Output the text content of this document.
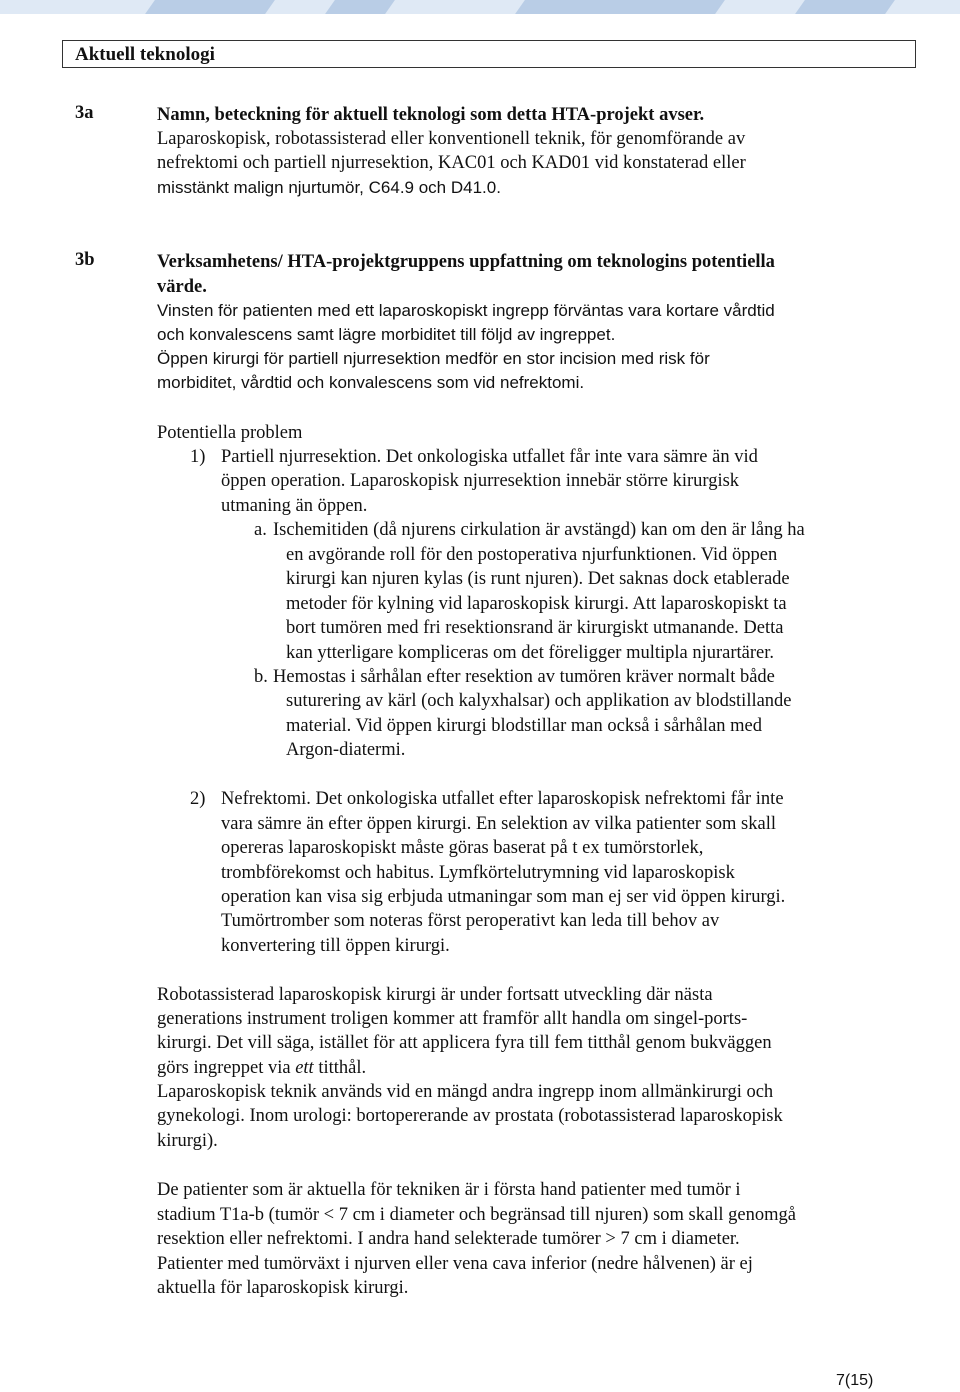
Aktuell teknologi
3a	Namn, beteckning för aktuell teknologi som detta HTA-projekt avser.
Laparoskopisk, robotassisterad eller konventionell teknik, för genomförande av
nefrektomi och partiell njurresektion, KAC01 och KAD01 vid konstaterad eller
misstänkt malign njurtumör, C64.9 och D41.0.
3b	Verksamhetens/ HTA-projektgruppens uppfattning om teknologins potentiella
värde.
Vinsten för patienten med ett laparoskopiskt ingrepp förväntas vara kortare vårdtid
och konvalescens samt lägre morbiditet till följd av ingreppet.
Öppen kirurgi för partiell njurresektion medför en stor incision med risk för
morbiditet, vårdtid och konvalescens som vid nefrektomi.
Potentiella problem
1) Partiell njurresektion. Det onkologiska utfallet får inte vara sämre än vid
öppen operation. Laparoskopisk njurresektion innebär större kirurgisk
utmaning än öppen.
a. Ischemitiden (då njurens cirkulation är avstängd) kan om den är lång ha
en avgörande roll för den postoperativa njurfunktionen. Vid öppen
kirurgi kan njuren kylas (is runt njuren). Det saknas dock etablerade
metoder för kylning vid laparoskopisk kirurgi. Att laparoskopiskt ta
bort tumören med fri resektionsrand är kirurgiskt utmanande. Detta
kan ytterligare kompliceras om det föreligger multipla njurartärer.
b. Hemostas i sårhålan efter resektion av tumören kräver normalt både
suturering av kärl (och kalyxhalsar) och applikation av blodstillande
material. Vid öppen kirurgi blodstillar man också i sårhålan med
Argon-diatermi.
2) Nefrektomi. Det onkologiska utfallet efter laparoskopisk nefrektomi får inte
vara sämre än efter öppen kirurgi. En selektion av vilka patienter som skall
opereras laparoskopiskt måste göras baserat på t ex tumörstorlek,
trombförekomst och habitus. Lymfkörtelutrymning vid laparoskopisk
operation kan visa sig erbjuda utmaningar som man ej ser vid öppen kirurgi.
Tumörtromber som noteras först peroperativt kan leda till behov av
konvertering till öppen kirurgi.
Robotassisterad laparoskopisk kirurgi är under fortsatt utveckling där nästa
generations instrument troligen kommer att framför allt handla om singel-ports-
kirurgi. Det vill säga, istället för att applicera fyra till fem titthål genom bukväggen
görs ingreppet via ett titthål.
Laparoskopisk teknik används vid en mängd andra ingrepp inom allmänkirurgi och
gynekologi. Inom urologi: bortopererande av prostata (robotassisterad laparoskopisk
kirurgi).
De patienter som är aktuella för tekniken är i första hand patienter med tumör i
stadium T1a-b (tumör < 7 cm i diameter och begränsad till njuren) som skall genomgå
resektion eller nefrektomi. I andra hand selekterade tumörer > 7 cm i diameter.
Patienter med tumörväxt i njurven eller vena cava inferior (nedre hålvenen) är ej
aktuella för laparoskopisk kirurgi.
7(15)
